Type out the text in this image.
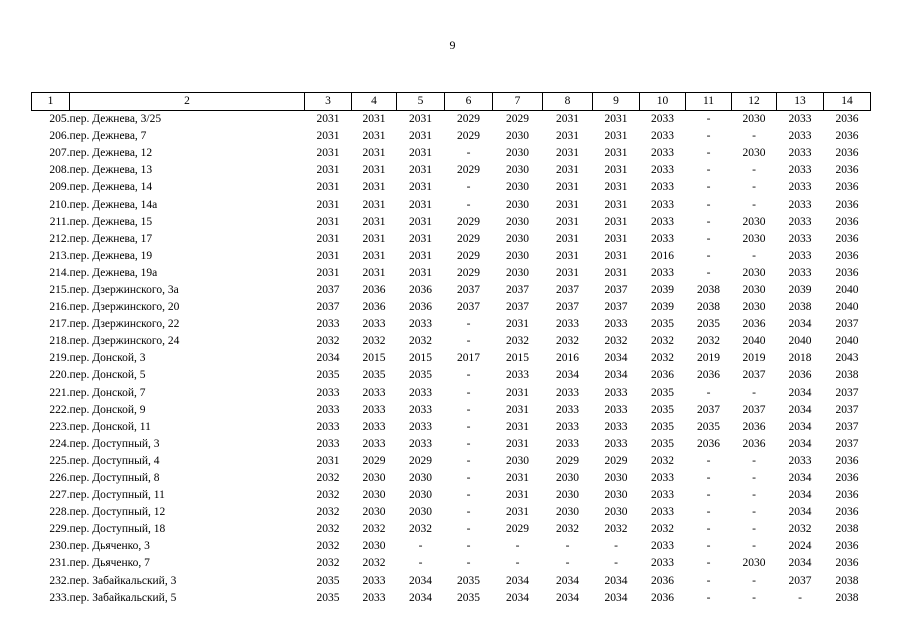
9
1	2	3	4	5	6	7	8	9	10	11	12	13	14
205.	пер. Дежнева, 3/25	2031	2031	2031	2029	2029	2031	2031	2033	-	2030	2033	2036
206.	пер. Дежнева, 7	2031	2031	2031	2029	2030	2031	2031	2033	-	-	2033	2036
207.	пер. Дежнева, 12	2031	2031	2031	-	2030	2031	2031	2033	-	2030	2033	2036
208.	пер. Дежнева, 13	2031	2031	2031	2029	2030	2031	2031	2033	-	-	2033	2036
209.	пер. Дежнева, 14	2031	2031	2031	-	2030	2031	2031	2033	-	-	2033	2036
210.	пер. Дежнева, 14а	2031	2031	2031	-	2030	2031	2031	2033	-	-	2033	2036
211.	пер. Дежнева, 15	2031	2031	2031	2029	2030	2031	2031	2033	-	2030	2033	2036
212.	пер. Дежнева, 17	2031	2031	2031	2029	2030	2031	2031	2033	-	2030	2033	2036
213.	пер. Дежнева, 19	2031	2031	2031	2029	2030	2031	2031	2016	-	-	2033	2036
214.	пер. Дежнева, 19а	2031	2031	2031	2029	2030	2031	2031	2033	-	2030	2033	2036
215.	пер. Дзержинского, 3а	2037	2036	2036	2037	2037	2037	2037	2039	2038	2030	2039	2040
216.	пер. Дзержинского, 20	2037	2036	2036	2037	2037	2037	2037	2039	2038	2030	2038	2040
217.	пер. Дзержинского, 22	2033	2033	2033	-	2031	2033	2033	2035	2035	2036	2034	2037
218.	пер. Дзержинского, 24	2032	2032	2032	-	2032	2032	2032	2032	2032	2040	2040	2040
219.	пер. Донской, 3	2034	2015	2015	2017	2015	2016	2034	2032	2019	2019	2018	2043
220.	пер. Донской, 5	2035	2035	2035	-	2033	2034	2034	2036	2036	2037	2036	2038
221.	пер. Донской, 7	2033	2033	2033	-	2031	2033	2033	2035	-	-	2034	2037
222.	пер. Донской, 9	2033	2033	2033	-	2031	2033	2033	2035	2037	2037	2034	2037
223.	пер. Донской, 11	2033	2033	2033	-	2031	2033	2033	2035	2035	2036	2034	2037
224.	пер. Доступный, 3	2033	2033	2033	-	2031	2033	2033	2035	2036	2036	2034	2037
225.	пер. Доступный, 4	2031	2029	2029	-	2030	2029	2029	2032	-	-	2033	2036
226.	пер. Доступный, 8	2032	2030	2030	-	2031	2030	2030	2033	-	-	2034	2036
227.	пер. Доступный, 11	2032	2030	2030	-	2031	2030	2030	2033	-	-	2034	2036
228.	пер. Доступный, 12	2032	2030	2030	-	2031	2030	2030	2033	-	-	2034	2036
229.	пер. Доступный, 18	2032	2032	2032	-	2029	2032	2032	2032	-	-	2032	2038
230.	пер. Дьяченко, 3	2032	2030	-	-	-	-	-	2033	-	-	2024	2036
231.	пер. Дьяченко, 7	2032	2032	-	-	-	-	-	2033	-	2030	2034	2036
232.	пер. Забайкальский, 3	2035	2033	2034	2035	2034	2034	2034	2036	-	-	2037	2038
233.	пер. Забайкальский, 5	2035	2033	2034	2035	2034	2034	2034	2036	-	-	-	2038
